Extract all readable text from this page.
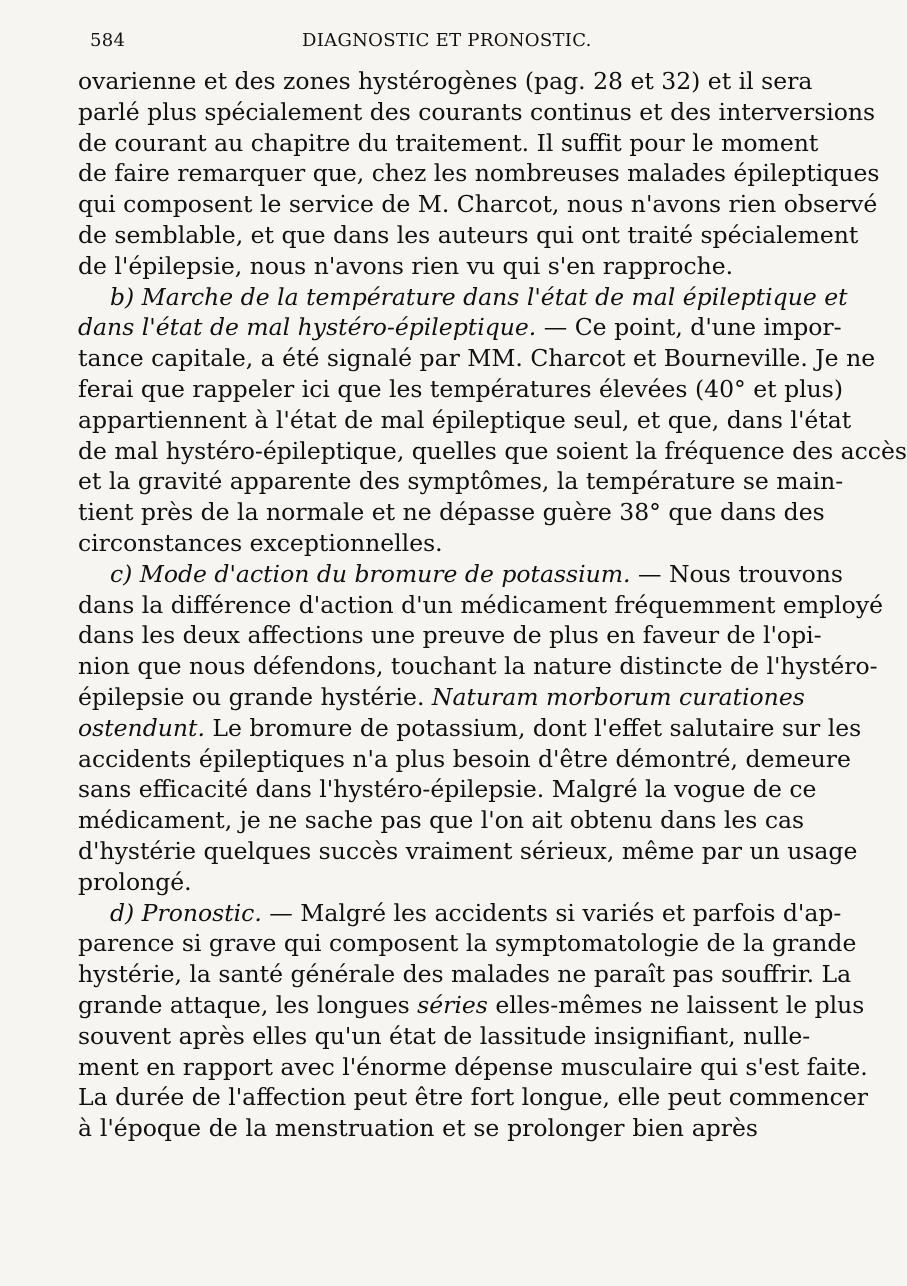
584	DIAGNOSTIC ET PRONOSTIC.
ovarienne et des zones hystérogènes (pag. 28 et 32) et il sera
parlé plus spécialement des courants continus et des interversions
de courant au chapitre du traitement. Il suffit pour le moment
de faire remarquer que, chez les nombreuses malades épileptiques
qui composent le service de M. Charcot, nous n'avons rien observé
de semblable, et que dans les auteurs qui ont traité spécialement
de l'épilepsie, nous n'avons rien vu qui s'en rapproche.
b) Marche de la température dans l'état de mal épileptique et
dans l'état de mal hystéro-épileptique. — Ce point, d'une impor-
tance capitale, a été signalé par MM. Charcot et Bourneville. Je ne
ferai que rappeler ici que les températures élevées (40° et plus)
appartiennent à l'état de mal épileptique seul, et que, dans l'état
de mal hystéro-épileptique, quelles que soient la fréquence des accès
et la gravité apparente des symptômes, la température se main-
tient près de la normale et ne dépasse guère 38° que dans des
circonstances exceptionnelles.
c) Mode d'action du bromure de potassium. — Nous trouvons
dans la différence d'action d'un médicament fréquemment employé
dans les deux affections une preuve de plus en faveur de l'opi-
nion que nous défendons, touchant la nature distincte de l'hystéro-
épilepsie ou grande hystérie. Naturam morborum curationes
ostendunt. Le bromure de potassium, dont l'effet salutaire sur les
accidents épileptiques n'a plus besoin d'être démontré, demeure
sans efficacité dans l'hystéro-épilepsie. Malgré la vogue de ce
médicament, je ne sache pas que l'on ait obtenu dans les cas
d'hystérie quelques succès vraiment sérieux, même par un usage
prolongé.
d) Pronostic. — Malgré les accidents si variés et parfois d'ap-
parence si grave qui composent la symptomatologie de la grande
hystérie, la santé générale des malades ne paraît pas souffrir. La
grande attaque, les longues séries elles-mêmes ne laissent le plus
souvent après elles qu'un état de lassitude insignifiant, nulle-
ment en rapport avec l'énorme dépense musculaire qui s'est faite.
La durée de l'affection peut être fort longue, elle peut commencer
à l'époque de la menstruation et se prolonger bien après
